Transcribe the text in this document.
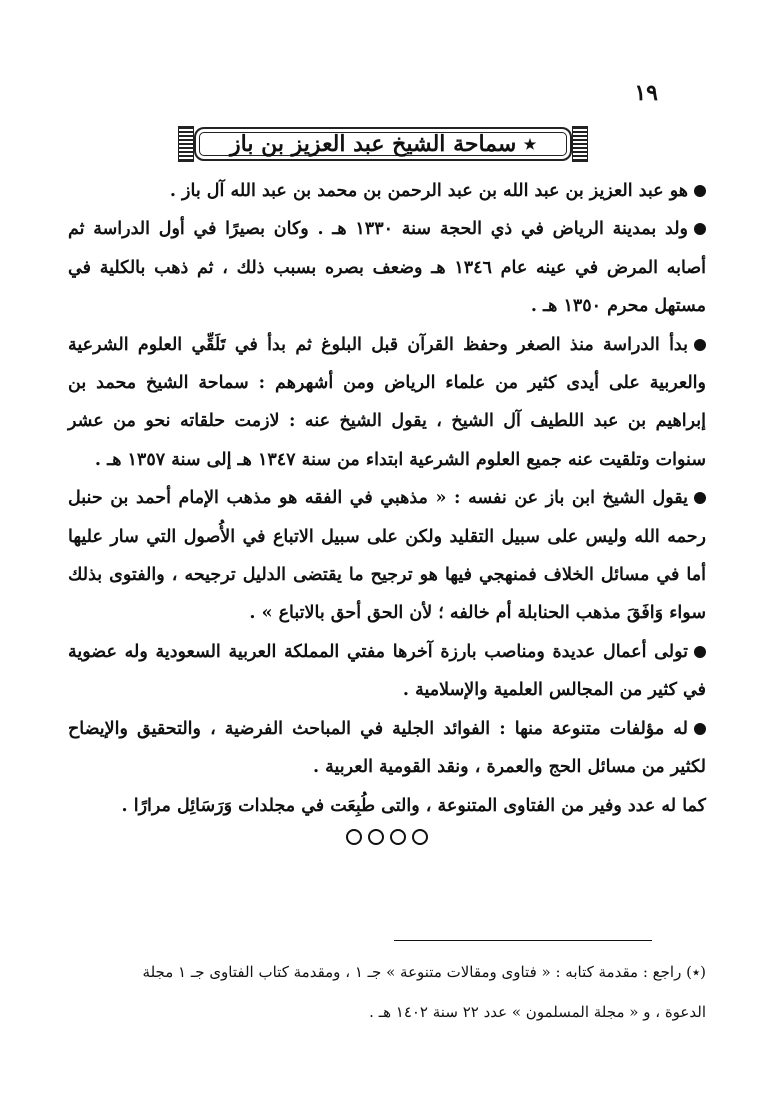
١٩
٭ سماحة الشيخ عبد العزيز بن باز

هو عبد العزيز بن عبد الله بن عبد الرحمن بن محمد بن عبد الله آل باز .

ولد بمدينة الرياض في ذي الحجة سنة ١٣٣٠ هـ . وكان بصيرًا في أول الدراسة ثم أصابه المرض في عينه عام ١٣٤٦ هـ وضعف بصره بسبب ذلك ، ثم ذهب بالكلية في مستهل محرم ١٣٥٠ هـ .

بدأ الدراسة منذ الصغر وحفظ القرآن قبل البلوغ ثم بدأ في تَلَقِّي العلوم الشرعية والعربية على أيدى كثير من علماء الرياض ومن أشهرهم : سماحة الشيخ محمد بن إبراهيم بن عبد اللطيف آل الشيخ ، يقول الشيخ عنه : لازمت حلقاته نحو من عشر سنوات وتلقيت عنه جميع العلوم الشرعية ابتداء من سنة ١٣٤٧ هـ إلى سنة ١٣٥٧ هـ .

يقول الشيخ ابن باز عن نفسه : « مذهبي في الفقه هو مذهب الإمام أحمد بن حنبل رحمه الله وليس على سبيل التقليد ولكن على سبيل الاتباع في الأُصول التي سار عليها أما في مسائل الخلاف فمنهجي فيها هو ترجيح ما يقتضى الدليل ترجيحه ، والفتوى بذلك سواء وَافَقَ مذهب الحنابلة أم خالفه ؛ لأن الحق أحق بالاتباع » .

تولى أعمال عديدة ومناصب بارزة آخرها مفتي المملكة العربية السعودية وله عضوية في كثير من المجالس العلمية والإسلامية .

له مؤلفات متنوعة منها : الفوائد الجلية في المباحث الفرضية ، والتحقيق والإيضاح لكثير من مسائل الحج والعمرة ، ونقد القومية العربية .

كما له عدد وفير من الفتاوى المتنوعة ، والتى طُبِعَت في مجلدات وَرَسَائِل مرارًا .

(٭) راجع : مقدمة كتابه : « فتاوى ومقالات متنوعة » جـ ١ ، ومقدمة كتاب الفتاوى جـ ١ مجلة

الدعوة ، و « مجلة المسلمون » عدد ٢٢ سنة ١٤٠٢ هـ .
